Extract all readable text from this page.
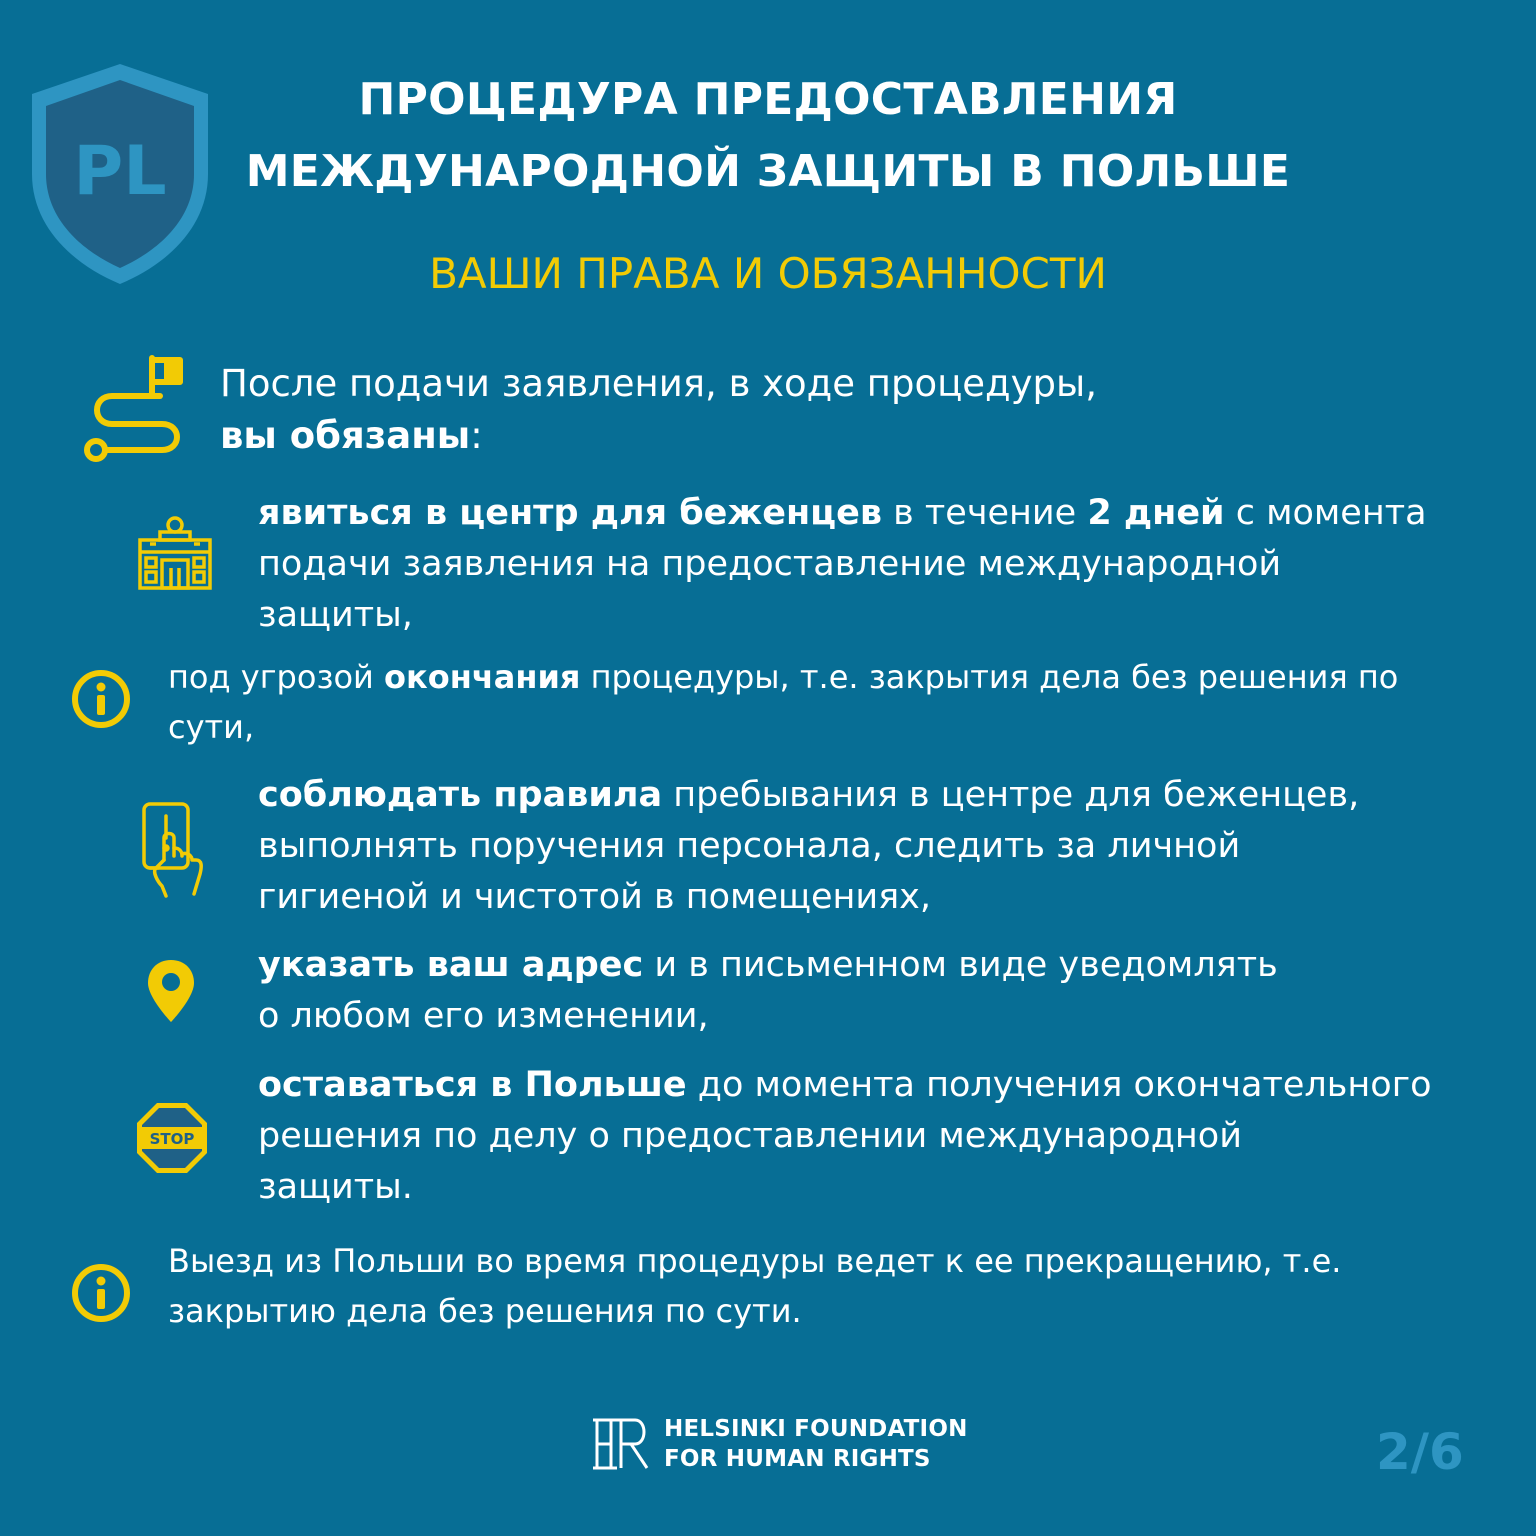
PL
ПРОЦЕДУРА ПРЕДОСТАВЛЕНИЯ
МЕЖДУНАРОДНОЙ ЗАЩИТЫ В ПОЛЬШЕ
ВАШИ ПРАВА И ОБЯЗАННОСТИ
После подачи заявления, в ходе процедуры,
вы обязаны:
явиться в центр для беженцев в течение 2 дней с момента
подачи заявления на предоставление международной
защиты,
под угрозой окончания процедуры, т.е. закрытия дела без решения по
сути,
соблюдать правила пребывания в центре для беженцев,
выполнять поручения персонала, следить за личной
гигиеной и чистотой в помещениях,
указать ваш адрес и в письменном виде уведомлять
о любом его изменении,
STOP
оставаться в Польше до момента получения окончательного
решения по делу о предоставлении международной
защиты.
Выезд из Польши во время процедуры ведет к ее прекращению, т.е.
закрытию дела без решения по сути.
HELSINKI FOUNDATION
FOR HUMAN RIGHTS	2/6
